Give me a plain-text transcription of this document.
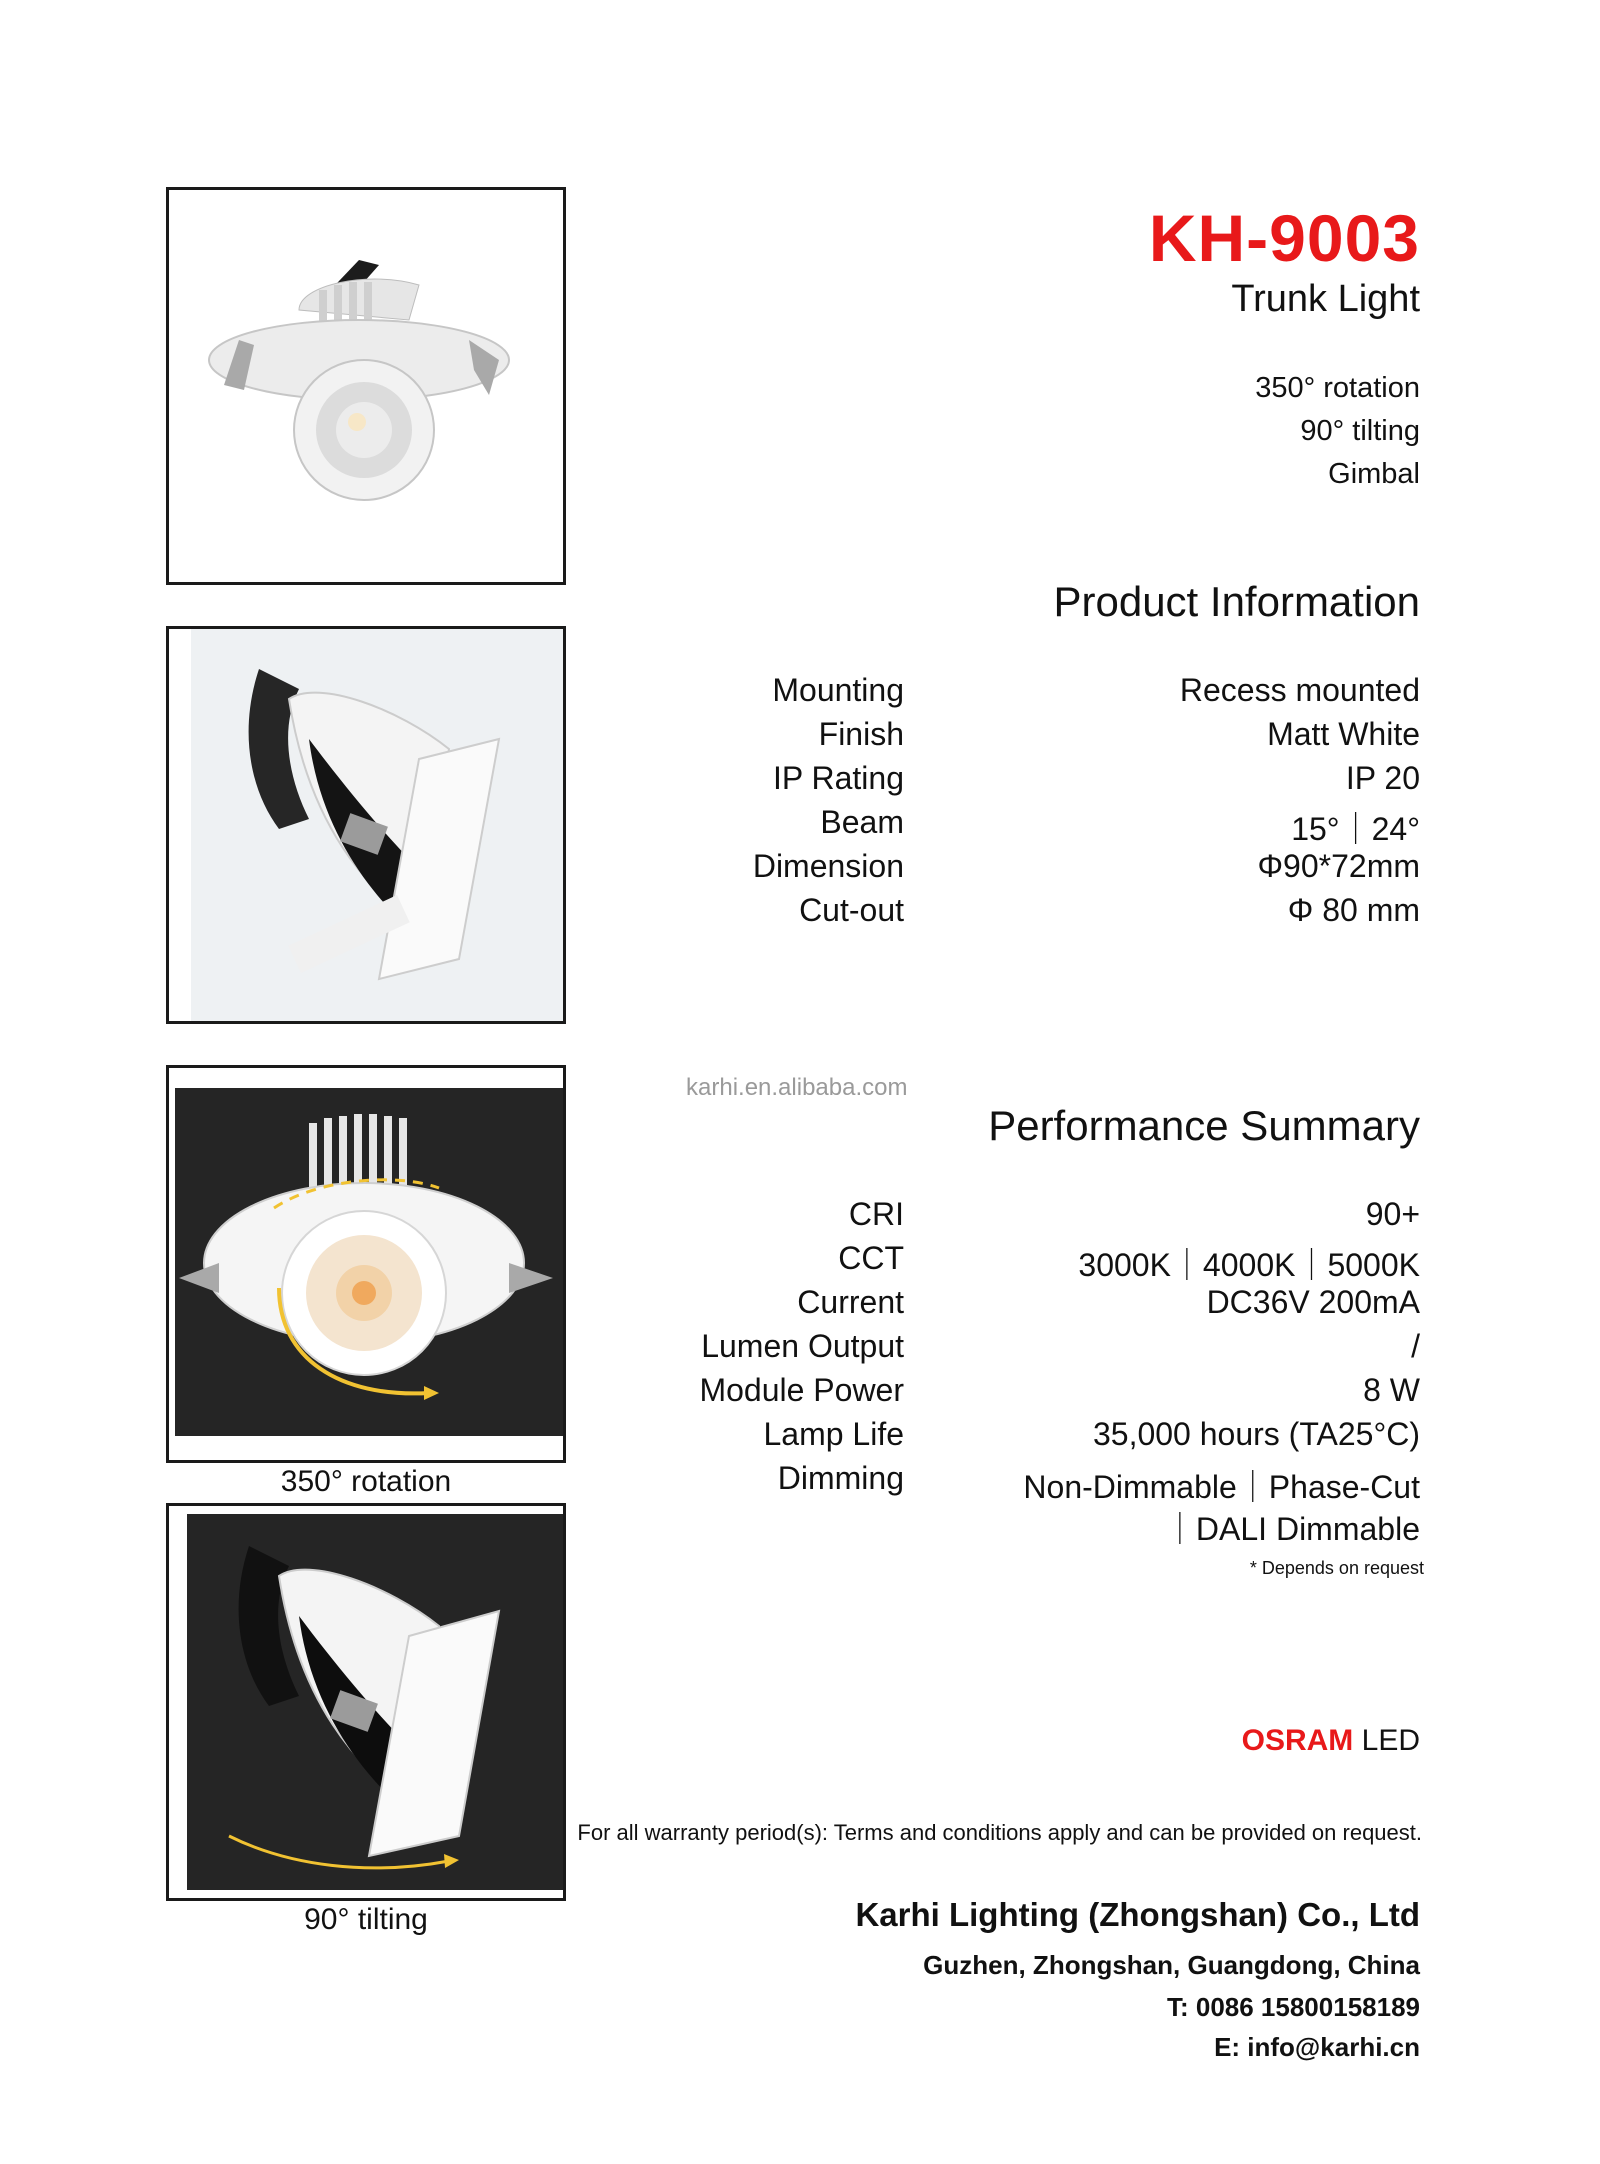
350° rotation
90° tilting
KH-9003
Trunk Light
350° rotation
90° tilting
Gimbal
Product Information
Mounting	Recess mounted
Finish	Matt White
IP Rating	IP 20
Beam	15°｜24°
Dimension	Φ90*72mm
Cut-out	Φ 80 mm
karhi.en.alibaba.com
Performance Summary
CRI	90+
CCT	3000K｜4000K｜5000K
Current	DC36V 200mA
Lumen Output	/
Module Power	8 W
Lamp Life	35,000 hours (TA25°C)
Dimming	Non-Dimmable｜Phase-Cut
｜DALI Dimmable
* Depends on request
OSRAM LED
For all warranty period(s): Terms and conditions apply and can be provided on request.
Karhi Lighting (Zhongshan) Co., Ltd
Guzhen, Zhongshan, Guangdong, China
T: 0086 15800158189
E: info@karhi.cn
